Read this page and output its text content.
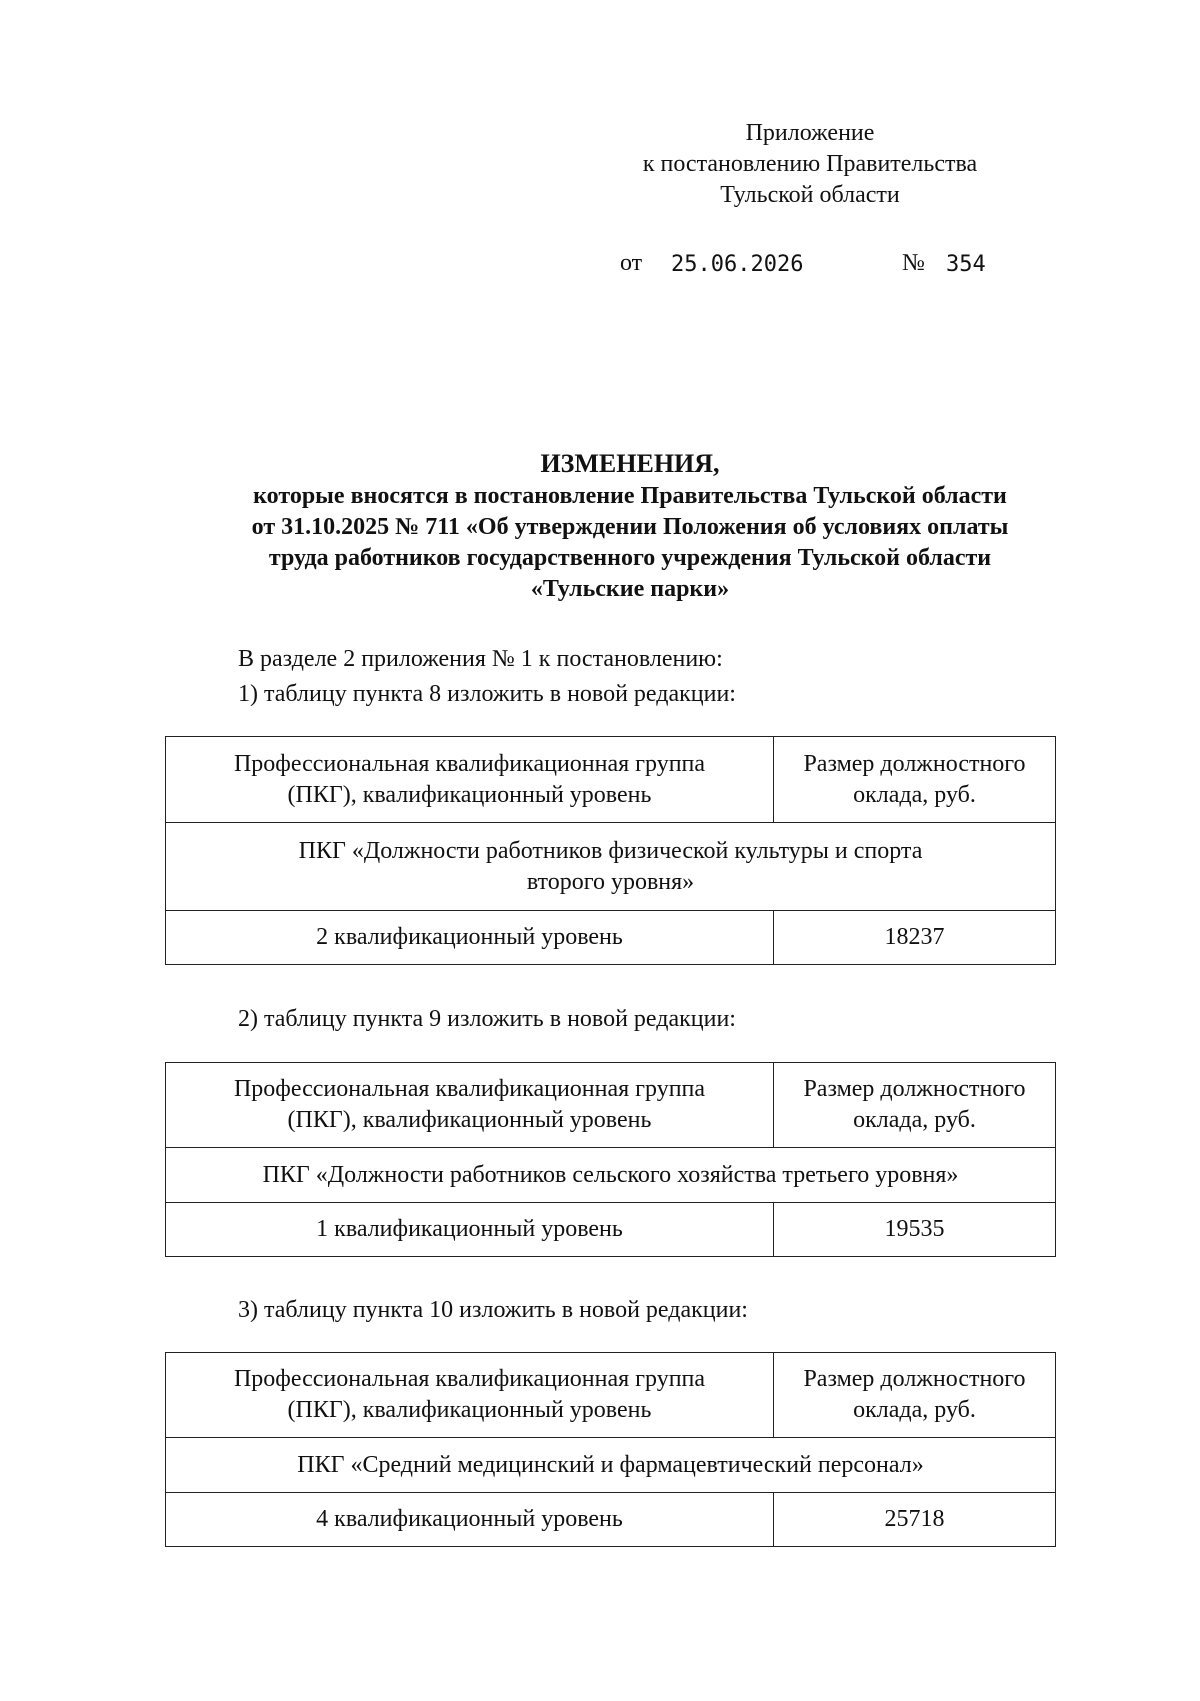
Приложение
к постановлению Правительства
Тульской области
от 25.06.2026	№ 354
ИЗМЕНЕНИЯ,
которые вносятся в постановление Правительства Тульской области
от 31.10.2025 № 711 «Об утверждении Положения об условиях оплаты
труда работников государственного учреждения Тульской области
«Тульские парки»
В разделе 2 приложения № 1 к постановлению:
1) таблицу пункта 8 изложить в новой редакции:
Профессиональная квалификационная группа
(ПКГ), квалификационный уровень	Размер должностного
оклада, руб.

ПКГ «Должности работников физической культуры и спорта
второго уровня»	

2 квалификационный уровень	18237
2) таблицу пункта 9 изложить в новой редакции:
Профессиональная квалификационная группа
(ПКГ), квалификационный уровень	Размер должностного
оклада, руб.

ПКГ «Должности работников сельского хозяйства третьего уровня»	

1 квалификационный уровень	19535
3) таблицу пункта 10 изложить в новой редакции:
Профессиональная квалификационная группа
(ПКГ), квалификационный уровень	Размер должностного
оклада, руб.

ПКГ «Средний медицинский и фармацевтический персонал»	

4 квалификационный уровень	25718
